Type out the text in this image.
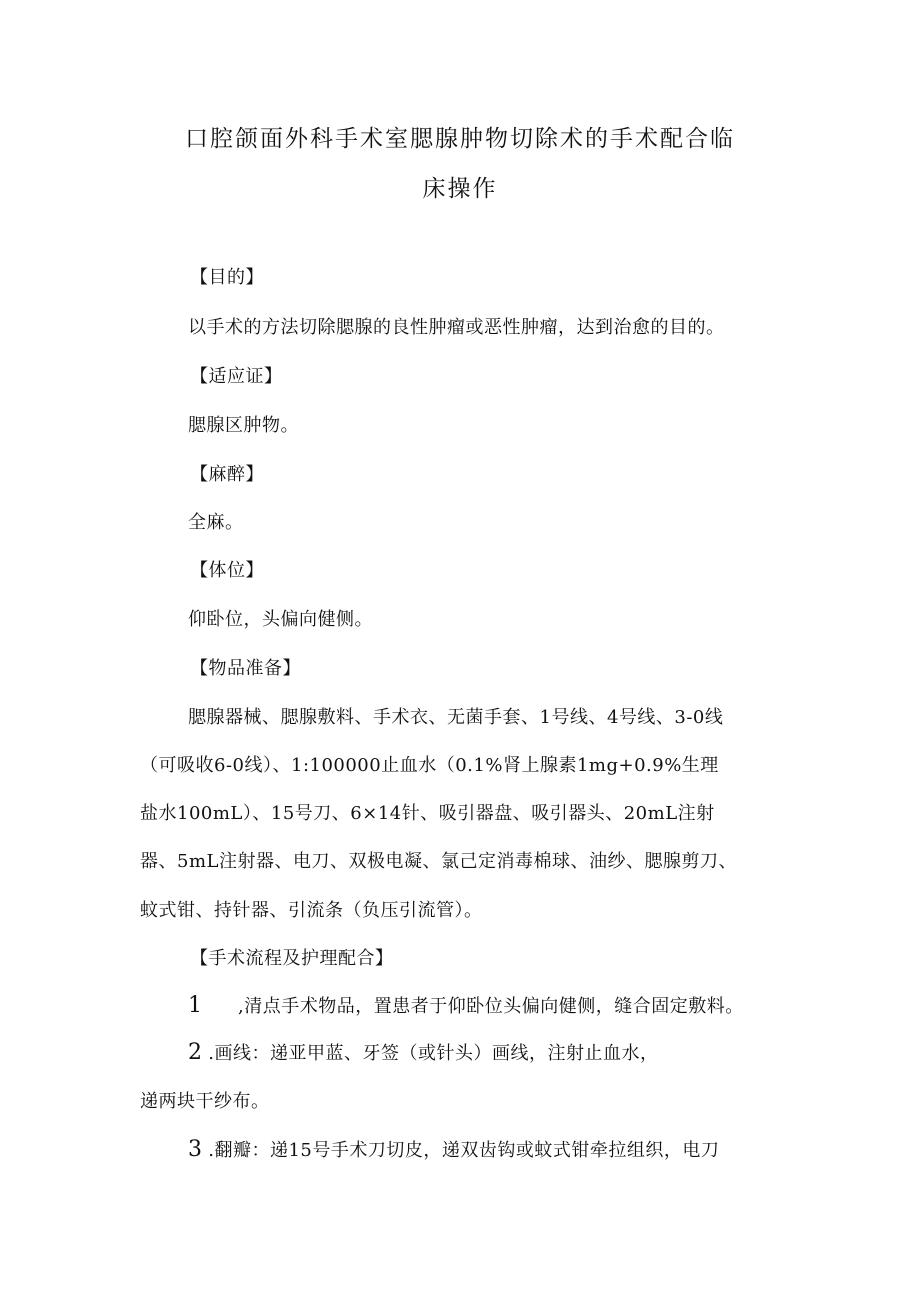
口腔颌面外科手术室腮腺肿物切除术的手术配合临
床操作

【目的】

以手术的方法切除腮腺的良性肿瘤或恶性肿瘤，达到治愈的目的。

【适应证】

腮腺区肿物。

【麻醉】

全麻。

【体位】

仰卧位，头偏向健侧。

【物品准备】

腮腺器械、腮腺敷料、手术衣、无菌手套、1号线、4号线、3-0线

（可吸收6-0线）、1:100000止血水（0.1%肾上腺素1mg+0.9%生理

盐水100mL）、15号刀、6×14针、吸引器盘、吸引器头、20mL注射

器、5mL注射器、电刀、双极电凝、氯己定消毒棉球、油纱、腮腺剪刀、

蚊式钳、持针器、引流条（负压引流管）。

【手术流程及护理配合】

1 ,清点手术物品，置患者于仰卧位头偏向健侧，缝合固定敷料。

2 .画线：递亚甲蓝、牙签（或针头）画线，注射止血水，

递两块干纱布。

3 .翻瓣：递15号手术刀切皮，递双齿钩或蚊式钳牵拉组织，电刀
